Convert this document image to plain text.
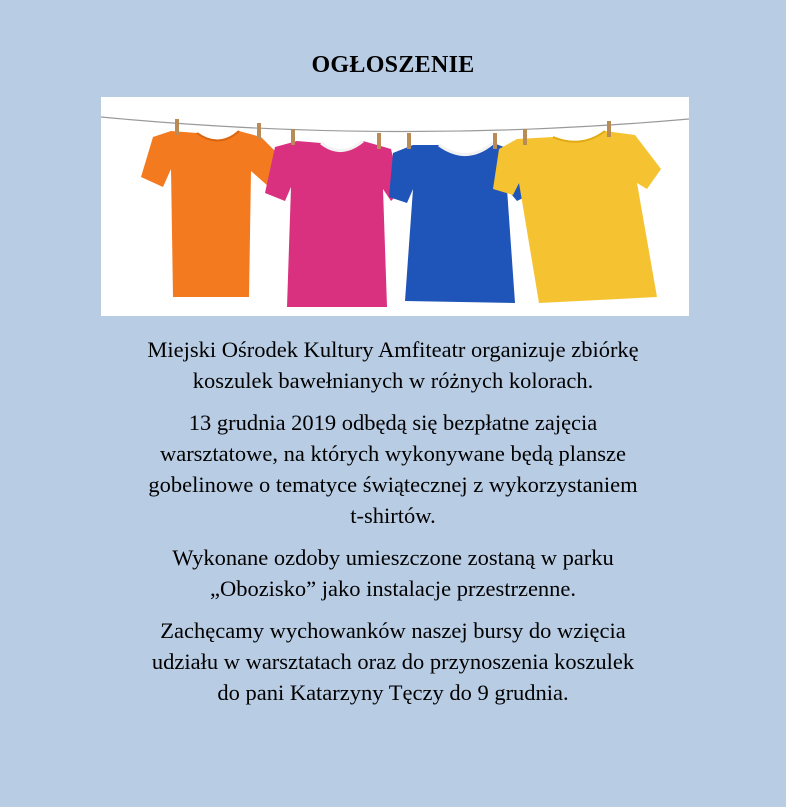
OGŁOSZENIE

Miejski Ośrodek Kultury Amfiteatr organizuje zbiórkę
koszulek bawełnianych w różnych kolorach.

13 grudnia 2019 odbędą się bezpłatne zajęcia
warsztatowe, na których wykonywane będą plansze
gobelinowe o tematyce świątecznej z wykorzystaniem
t-shirtów.

Wykonane ozdoby umieszczone zostaną w parku
„Obozisko” jako instalacje przestrzenne.

Zachęcamy wychowanków naszej bursy do wzięcia
udziału w warsztatach oraz do przynoszenia koszulek
do pani Katarzyny Tęczy do 9 grudnia.
